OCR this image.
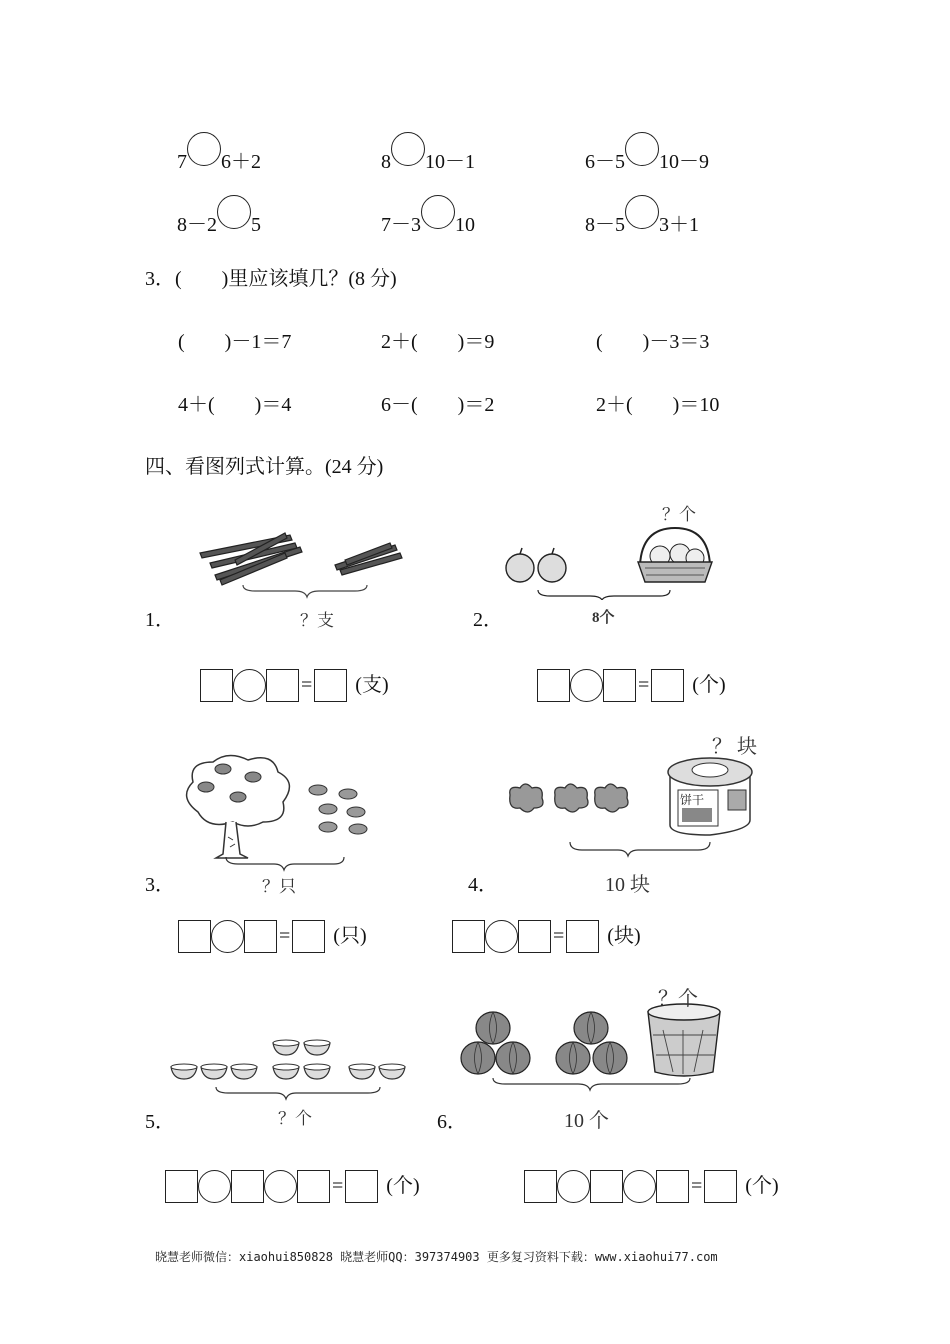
7 6＋2	8 10－1	6－5 10－9
8－2 5	7－3 10	8－5 3＋1
3．(　　)里应该填几？(8 分)
(　　)－1＝7	2＋(　　)＝9	(　　)－3＝3
4＋(　　)＝4	6－(　　)＝2	2＋(　　)＝10
四、看图列式计算。(24 分)
？支
1．
= (支)
？个
8个
2．
= (个)
？只
3．
= (只)
饼干
？ 块
10 块
4．
= (块)
？个
5．
= (个)
？个
10 个
6．
= (个)
晓慧老师微信：xiaohui850828 晓慧老师QQ：397374903 更多复习资料下载：www.xiaohui77.com
